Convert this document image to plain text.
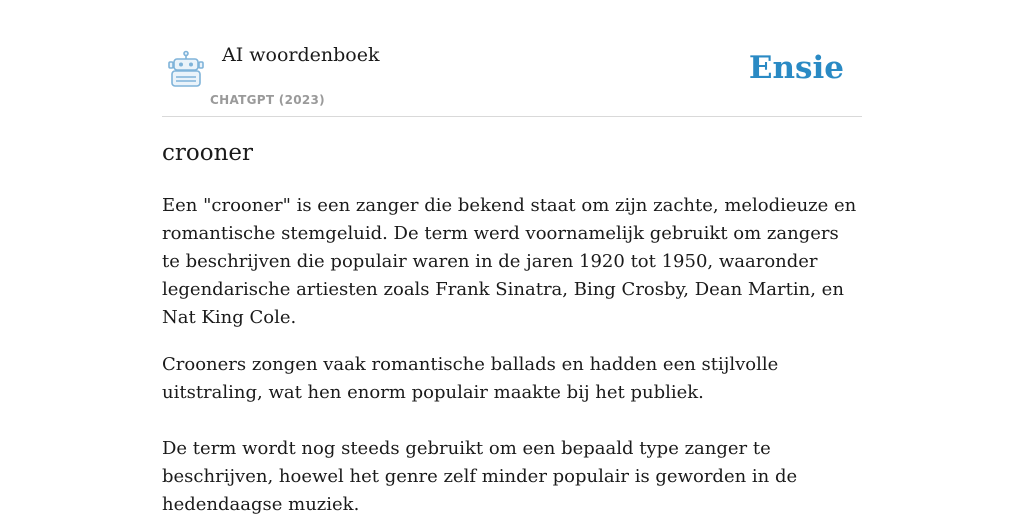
AI woordenboek
CHATGPT (2023)
Ensie
crooner

Een "crooner" is een zanger die bekend staat om zijn zachte, melodieuze en romantische stemgeluid. De term werd voornamelijk gebruikt om zangers te beschrijven die populair waren in de jaren 1920 tot 1950, waaronder legendarische artiesten zoals Frank Sinatra, Bing Crosby, Dean Martin, en Nat King Cole.

Crooners zongen vaak romantische ballads en hadden een stijlvolle uitstraling, wat hen enorm populair maakte bij het publiek.

De term wordt nog steeds gebruikt om een bepaald type zanger te beschrijven, hoewel het genre zelf minder populair is geworden in de hedendaagse muziek.
